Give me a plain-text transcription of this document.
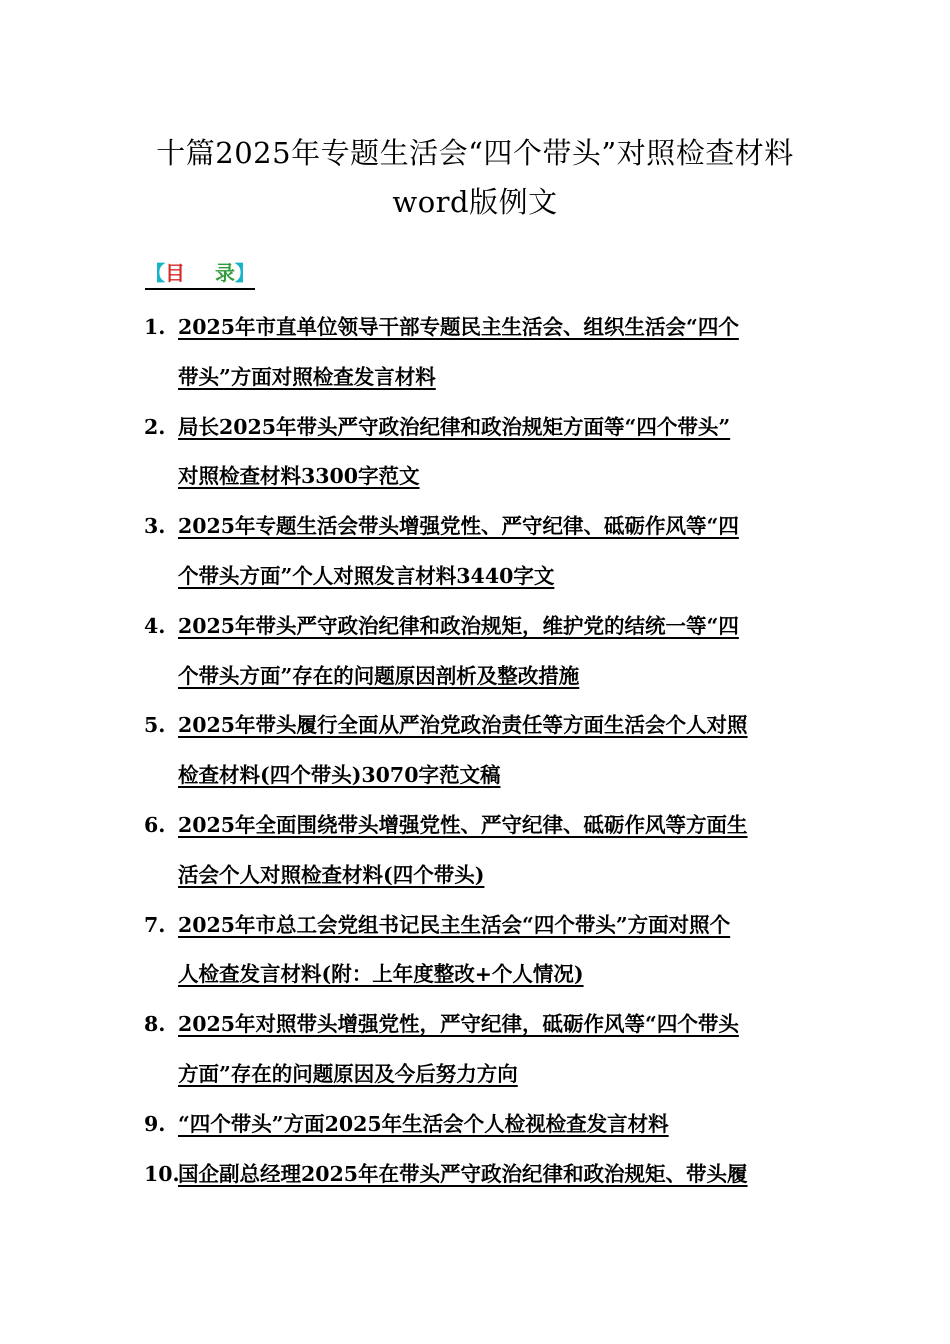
十篇2025年专题生活会“四个带头”对照检查材料
word版例文
【目 录】
1. 2025年市直单位领导干部专题民主生活会、组织生活会“四个
带头”方面对照检查发言材料
2. 局长2025年带头严守政治纪律和政治规矩方面等“四个带头”
对照检查材料3300字范文
3. 2025年专题生活会带头增强党性、严守纪律、砥砺作风等“四
个带头方面”个人对照发言材料3440字文
4. 2025年带头严守政治纪律和政治规矩，维护党的结统一等“四
个带头方面”存在的问题原因剖析及整改措施
5. 2025年带头履行全面从严治党政治责任等方面生活会个人对照
检查材料(四个带头)3070字范文稿
6. 2025年全面围绕带头增强党性、严守纪律、砥砺作风等方面生
活会个人对照检查材料(四个带头)
7. 2025年市总工会党组书记民主生活会“四个带头”方面对照个
人检查发言材料(附：上年度整改+个人情况)
8. 2025年对照带头增强党性，严守纪律，砥砺作风等“四个带头
方面”存在的问题原因及今后努力方向
9. “四个带头”方面2025年生活会个人检视检查发言材料
10.
国企副总经理2025年在带头严守政治纪律和政治规矩、带头履
